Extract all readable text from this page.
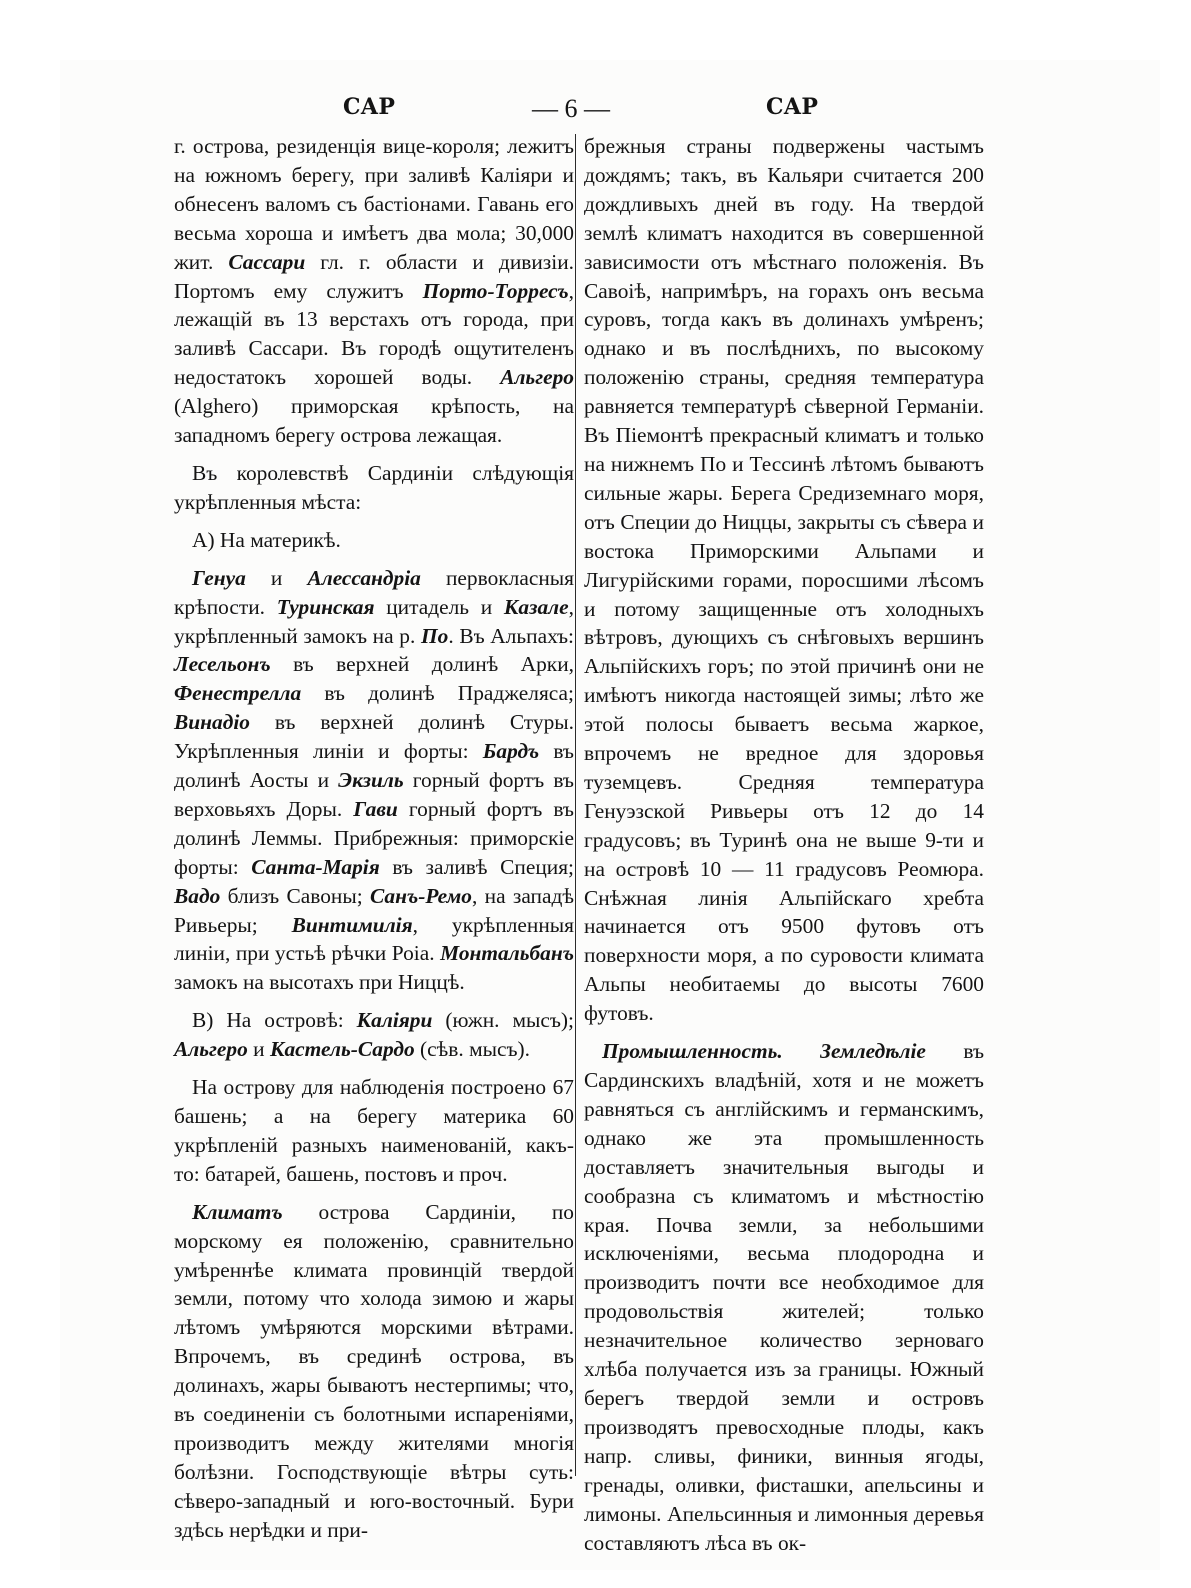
САР	— 6 —	САР

г. острова, резиденція вице-короля; лежитъ на южномъ берегу, при заливѣ Каліяри и обнесенъ валомъ съ бастіонами. Гавань его весьма хороша и имѣетъ два мола; 30,000 жит. Сассари гл. г. области и дивизіи. Портомъ ему служитъ Порто-Торресъ, лежащій въ 13 верстахъ отъ города, при заливѣ Сассари. Въ городѣ ощутителенъ недостатокъ хорошей воды. Альгеро (Alghero) приморская крѣпость, на западномъ берегу острова лежащая.

Въ королевствѣ Сардиніи слѣдующія укрѣпленныя мѣста:

А) На материкѣ.

Генуа и Алессандріа первокласныя крѣпости. Туринская цитадель и Казале, укрѣпленный замокъ на р. По. Въ Альпахъ: Лесельонъ въ верхней долинѣ Арки, Фенестрелла въ долинѣ Праджеляса; Винадіо въ верхней долинѣ Стуры. Укрѣпленныя линіи и форты: Бардъ въ долинѣ Аосты и Экзиль горный фортъ въ верховьяхъ Доры. Гави горный фортъ въ долинѣ Леммы. Прибрежныя: приморскіе форты: Санта-Марія въ заливѣ Специя; Вадо близъ Савоны; Санъ-Ремо, на западѣ Ривьеры; Винтимилія, укрѣпленныя линіи, при устьѣ рѣчки Роіа. Монтальбанъ замокъ на высотахъ при Ниццѣ.

В) На островѣ: Каліяри (южн. мысъ); Альгеро и Кастель-Сардо (сѣв. мысъ).

На острову для наблюденія построено 67 башень; а на берегу материка 60 укрѣпленій разныхъ наименованій, какъ-то: батарей, башень, постовъ и проч.

Климатъ острова Сардиніи, по морскому ея положенію, сравнительно умѣреннѣе климата провинцій твердой земли, потому что холода зимою и жары лѣтомъ умѣряются морскими вѣтрами. Впрочемъ, въ срединѣ острова, въ долинахъ, жары бываютъ нестерпимы; что, въ соединеніи съ болотными испареніями, производитъ между жителями многія болѣзни. Господствующіе вѣтры суть: сѣверо-западный и юго-восточный. Бури здѣсь нерѣдки и при-

брежныя страны подвержены частымъ дождямъ; такъ, въ Кальяри считается 200 дождливыхъ дней въ году. На твердой землѣ климатъ находится въ совершенной зависимости отъ мѣстнаго положенія. Въ Савоіѣ, напримѣръ, на горахъ онъ весьма суровъ, тогда какъ въ долинахъ умѣренъ; однако и въ послѣднихъ, по высокому положенію страны, средняя температура равняется температурѣ сѣверной Германіи. Въ Піемонтѣ прекрасный климатъ и только на нижнемъ По и Тессинѣ лѣтомъ бываютъ сильные жары. Берега Средиземнаго моря, отъ Специи до Ниццы, закрыты съ сѣвера и востока Приморскими Альпами и Лигурійскими горами, поросшими лѣсомъ и потому защищенные отъ холодныхъ вѣтровъ, дующихъ съ снѣговыхъ вершинъ Альпійскихъ горъ; по этой причинѣ они не имѣютъ никогда настоящей зимы; лѣто же этой полосы бываетъ весьма жаркое, впрочемъ не вредное для здоровья туземцевъ. Средняя температура Генуэзской Ривьеры отъ 12 до 14 градусовъ; въ Туринѣ она не выше 9-ти и на островѣ 10 — 11 градусовъ Реомюра. Снѣжная линія Альпійскаго хребта начинается отъ 9500 футовъ отъ поверхности моря, а по суровости климата Альпы необитаемы до высоты 7600 футовъ.

Промышленность. Земледѣліе въ Сардинскихъ владѣній, хотя и не можетъ равняться съ англійскимъ и германскимъ, однако же эта промышленность доставляетъ значительныя выгоды и сообразна съ климатомъ и мѣстностію края. Почва земли, за небольшими исключеніями, весьма плодородна и производитъ почти все необходимое для продовольствія жителей; только незначительное количество зерноваго хлѣба получается изъ за границы. Южный берегъ твердой земли и островъ производятъ превосходные плоды, какъ напр. сливы, финики, винныя ягоды, гренады, оливки, фисташки, апельсины и лимоны. Апельсинныя и лимонныя деревья составляютъ лѣса въ ок-
